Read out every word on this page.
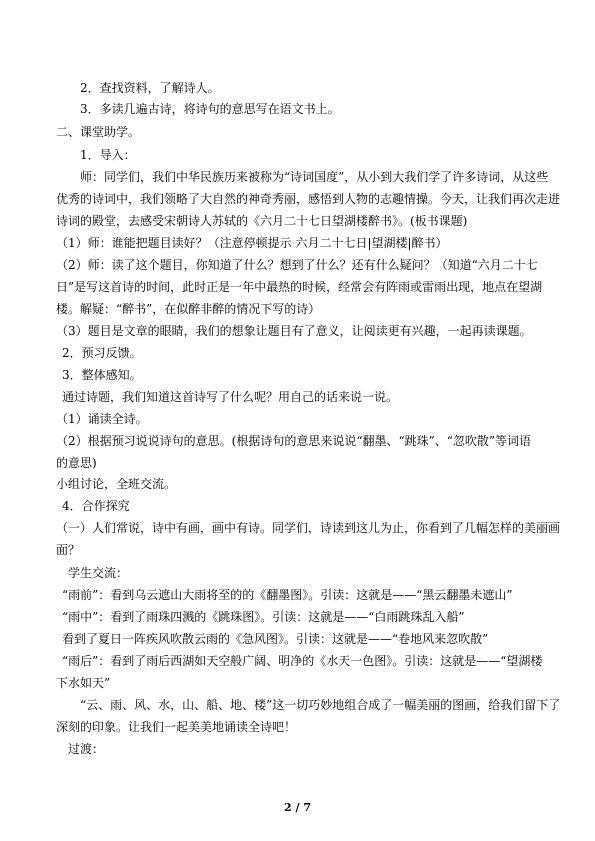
2．查找资料，了解诗人。
3．多读几遍古诗，将诗句的意思写在语文书上。
二、课堂助学。
1．导入：
师：同学们，我们中华民族历来被称为“诗词国度”，从小到大我们学了许多诗词，从这些
优秀的诗词中，我们领略了大自然的神奇秀丽，感悟到人物的志趣情操。今天，让我们再次走进
诗词的殿堂，去感受宋朝诗人苏轼的《六月二十七日望湖楼醉书》。(板书课题)
（1）师：谁能把题目读好？（注意停顿提示 六月二十七日|望湖楼|醉书）
（2）师：读了这个题目，你知道了什么？想到了什么？还有什么疑问？（知道“六月二十七
日”是写这首诗的时间，此时正是一年中最热的时候，经常会有阵雨或雷雨出现，地点在望湖
楼。解疑：“醉书”，在似醉非醉的情况下写的诗）
（3）题目是文章的眼睛，我们的想象让题目有了意义，让阅读更有兴趣，一起再读课题。
2．预习反馈。
3．整体感知。
通过诗题，我们知道这首诗写了什么呢？用自己的话来说一说。
（1）诵读全诗。
（2）根据预习说说诗句的意思。(根据诗句的意思来说说“翻墨、“跳珠”、“忽吹散”等词语
的意思)
小组讨论，全班交流。
4．合作探究
（一）人们常说，诗中有画，画中有诗。同学们，诗读到这儿为止，你看到了几幅怎样的美丽画
面？
学生交流：
“雨前”：看到乌云遮山大雨将至的的《翻墨图》。引读：这就是——“黑云翻墨未遮山”
“雨中”：看到了雨珠四溅的《跳珠图》。引读：这就是——“白雨跳珠乱入船”
看到了夏日一阵疾风吹散云雨的《急风图》。引读：这就是——“卷地风来忽吹散”
“雨后”：看到了雨后西湖如天空般广阔、明净的《水天一色图》。引读：这就是——“望湖楼
下水如天”
“云、雨、风、水，山、船、地、楼”这一切巧妙地组合成了一幅美丽的图画，给我们留下了
深刻的印象。让我们一起美美地诵读全诗吧！
过渡：
2 / 7
